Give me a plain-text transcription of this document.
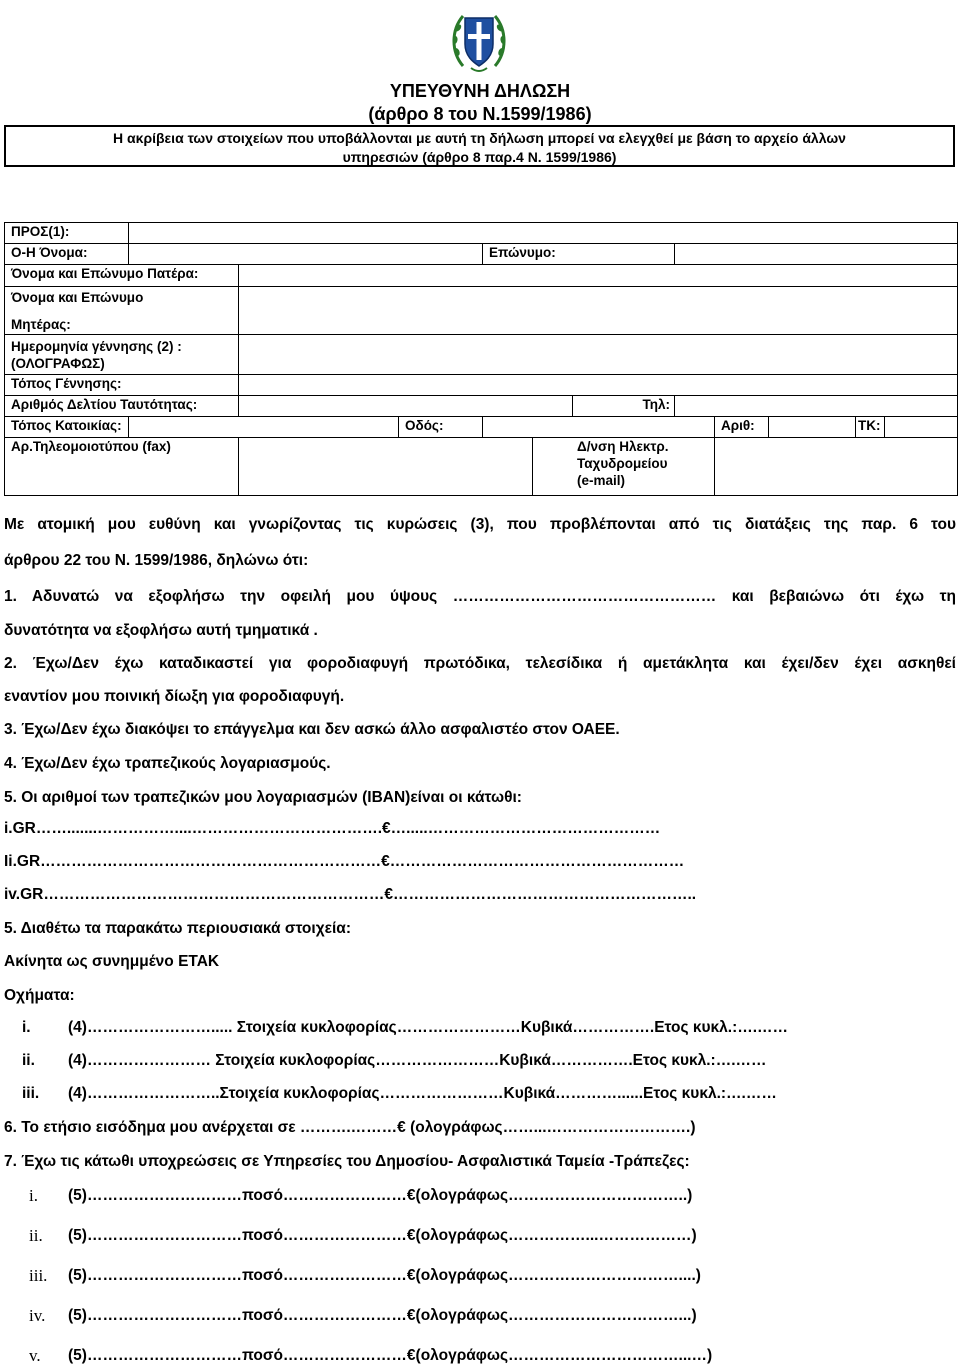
ΥΠΕΥΘΥΝΗ ΔΗΛΩΣΗ
(άρθρο 8 του Ν.1599/1986)
Η ακρίβεια των στοιχείων που υποβάλλονται με αυτή τη δήλωση μπορεί να ελεγχθεί με βάση το αρχείο άλλων
υπηρεσιών (άρθρο 8 παρ.4 Ν. 1599/1986)
ΠΡΟΣ(1):											
Ο-Η Όνομα:				Επώνυμο:							
Όνομα και Επώνυμο Πατέρα:											

Όνομα και Επώνυμο
Μητέρας:											

Ημερομηνία γέννησης (2) :
(ΟΛΟΓΡΑΦΩΣ)											

Τόπος Γέννησης:											
Αριθμός Δελτίου Ταυτότητας:						Τηλ:					
Τόπος Κατοικίας:			Οδός:					Αριθ:		ΤΚ:	
Αρ.Τηλεομοιοτύπου (fax)					Δ/νση Ηλεκτρ.
Ταχυδρομείου
(e-mail)						

Με ατομική μου ευθύνη και γνωρίζοντας τις κυρώσεις (3), που προβλέπονται από τις διατάξεις της παρ. 6 του
άρθρου 22 του Ν. 1599/1986, δηλώνω ότι:
1. Αδυνατώ να εξοφλήσω την οφειλή μου ύψους …………………………………………… και βεβαιώνω ότι έχω τη
δυνατότητα να εξοφλήσω αυτή τμηματικά .
2. Έχω/Δεν έχω καταδικαστεί για φοροδιαφυγή πρωτόδικα, τελεσίδικα ή αμετάκλητα και έχει/δεν έχει ασκηθεί
εναντίον μου ποινική δίωξη για φοροδιαφυγή.
3. Έχω/Δεν έχω διακόψει το επάγγελμα και δεν ασκώ άλλο ασφαλιστέο στον ΟΑΕΕ.
4. Έχω/Δεν έχω τραπεζικούς λογαριασμούς.
5. Οι αριθμοί των τραπεζικών μου λογαριασμών (IBAN)είναι οι κάτωθι:
i.GR…….......……………....……………………………….€….....………………………………………
Ii.GR…………………………………………………………€…………………………………………………
iv.GR…………………………………………………………€…………………………………………………..
5. Διαθέτω τα παρακάτω περιουσιακά στοιχεία:
Ακίνητα ως συνημμένο ΕΤΑΚ
Οχήματα:
i. (4)……………………..... Στοιχεία κυκλοφορίας……………………Κυβικά…………….Ετος κυκλ.:….……
ii. (4)…………………… Στοιχεία κυκλοφορίας……………………Κυβικά…………….Ετος κυκλ.:….……
iii. (4)……………………..Στοιχεία κυκλοφορίας……………………Κυβικά…………......Ετος κυκλ.:….……
6. Το ετήσιο εισόδημα μου ανέρχεται σε ……….………€ (ολογράφως……...……………………….)
7. Έχω τις κάτωθι υποχρεώσεις σε Υπηρεσίες του Δημοσίου- Ασφαλιστικά Ταμεία -Τράπεζες:
i. (5)…………………………ποσό……………………€(ολογράφως……………………………..)
ii. (5)…………………………ποσό……………………€(ολογράφως……………...………………)
iii. (5)…………………………ποσό……………………€(ολογράφως……………………………....)
iv. (5)…………………………ποσό……………………€(ολογράφως……………………………...)
v. (5)…………………………ποσό……………………€(ολογράφως……………………………...…)
